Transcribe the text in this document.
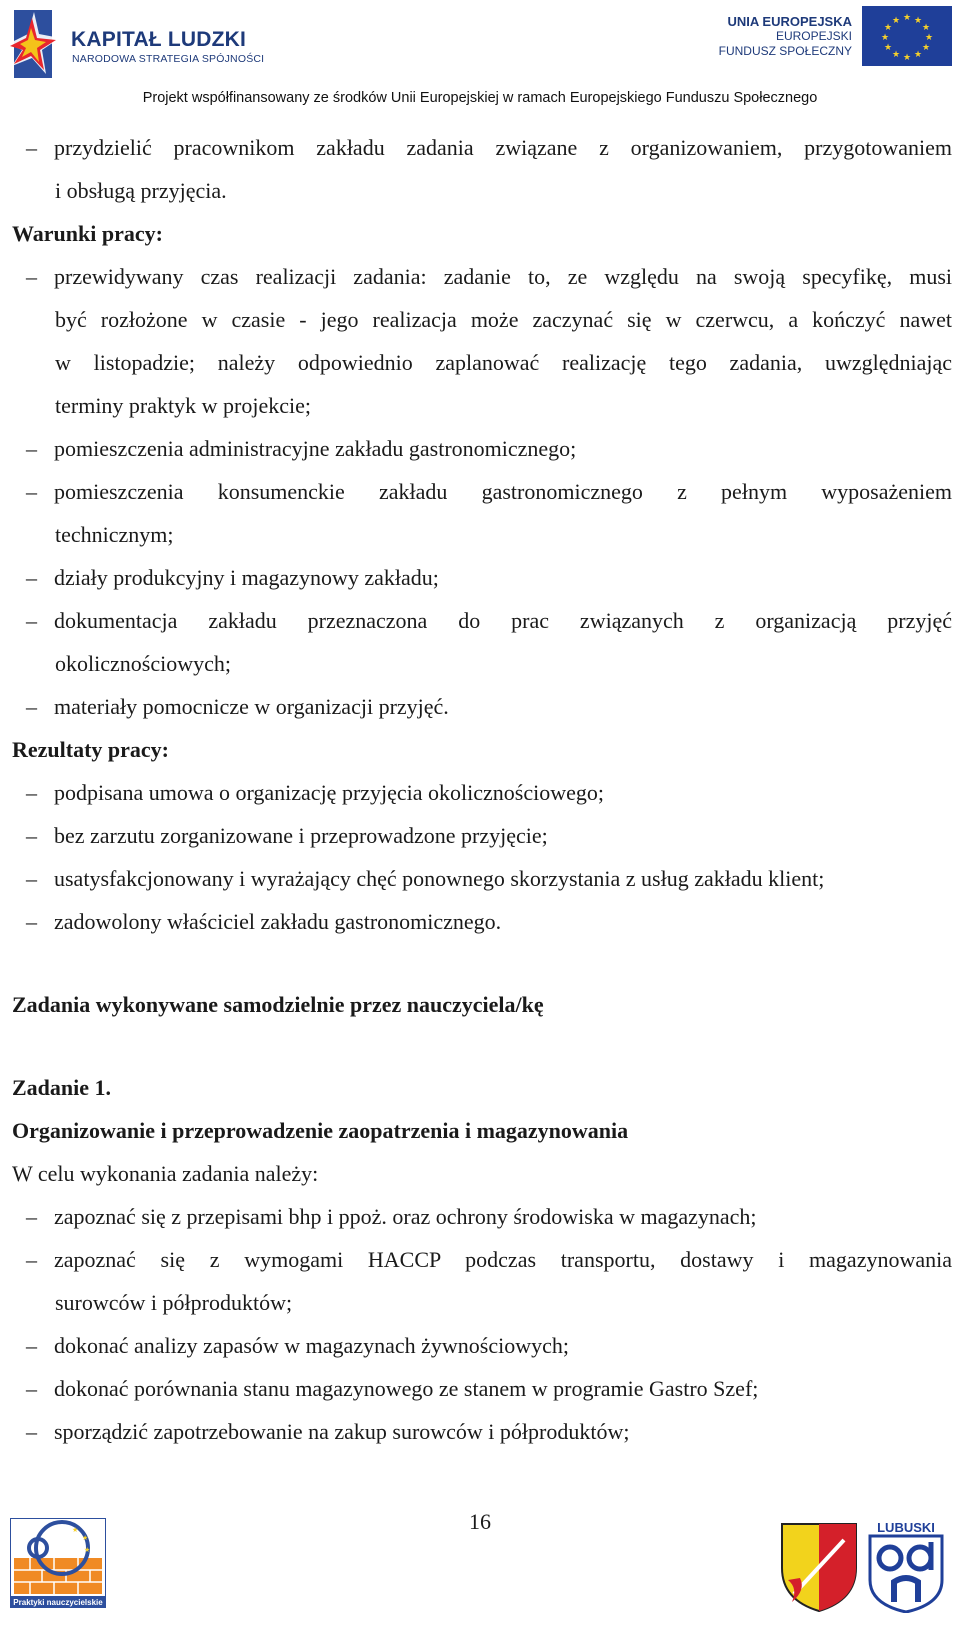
KAPITAŁ LUDZKI
NARODOWA STRATEGIA SPÓJNOŚCI
UNIA EUROPEJSKA
EUROPEJSKI
FUNDUSZ SPOŁECZNY
★ ★
★
★
★
★
★
★
★
★
★
★
Projekt współfinansowany ze środków Unii Europejskiej w ramach Europejskiego Funduszu Społecznego
– przydzielić pracownikom zakładu zadania związane z organizowaniem, przygotowaniem
i obsługą przyjęcia.
Warunki pracy:
– przewidywany czas realizacji zadania: zadanie to, ze względu na swoją specyfikę, musi
być rozłożone w czasie - jego realizacja może zaczynać się w czerwcu, a kończyć nawet
w listopadzie; należy odpowiednio zaplanować realizację tego zadania, uwzględniając
terminy praktyk w projekcie;
– pomieszczenia administracyjne zakładu gastronomicznego;
– pomieszczenia konsumenckie zakładu gastronomicznego z pełnym wyposażeniem
technicznym;
– działy produkcyjny i magazynowy zakładu;
– dokumentacja zakładu przeznaczona do prac związanych z organizacją przyjęć
okolicznościowych;
– materiały pomocnicze w organizacji przyjęć.
Rezultaty pracy:
– podpisana umowa o organizację przyjęcia okolicznościowego;
– bez zarzutu zorganizowane i przeprowadzone przyjęcie;
– usatysfakcjonowany i wyrażający chęć ponownego skorzystania z usług zakładu klient;
– zadowolony właściciel zakładu gastronomicznego.
Zadania wykonywane samodzielnie przez nauczyciela/kę
Zadanie 1.
Organizowanie i przeprowadzenie zaopatrzenia i magazynowania
W celu wykonania zadania należy:
– zapoznać się z przepisami bhp i ppoż. oraz ochrony środowiska w magazynach;
– zapoznać się z wymogami HACCP podczas transportu, dostawy i magazynowania
surowców i półproduktów;
– dokonać analizy zapasów w magazynach żywnościowych;
– dokonać porównania stanu magazynowego ze stanem w programie Gastro Szef;
– sporządzić zapotrzebowanie na zakup surowców i półproduktów;
★
★
★
Praktyki nauczycielskie
16	LUBUSKI
